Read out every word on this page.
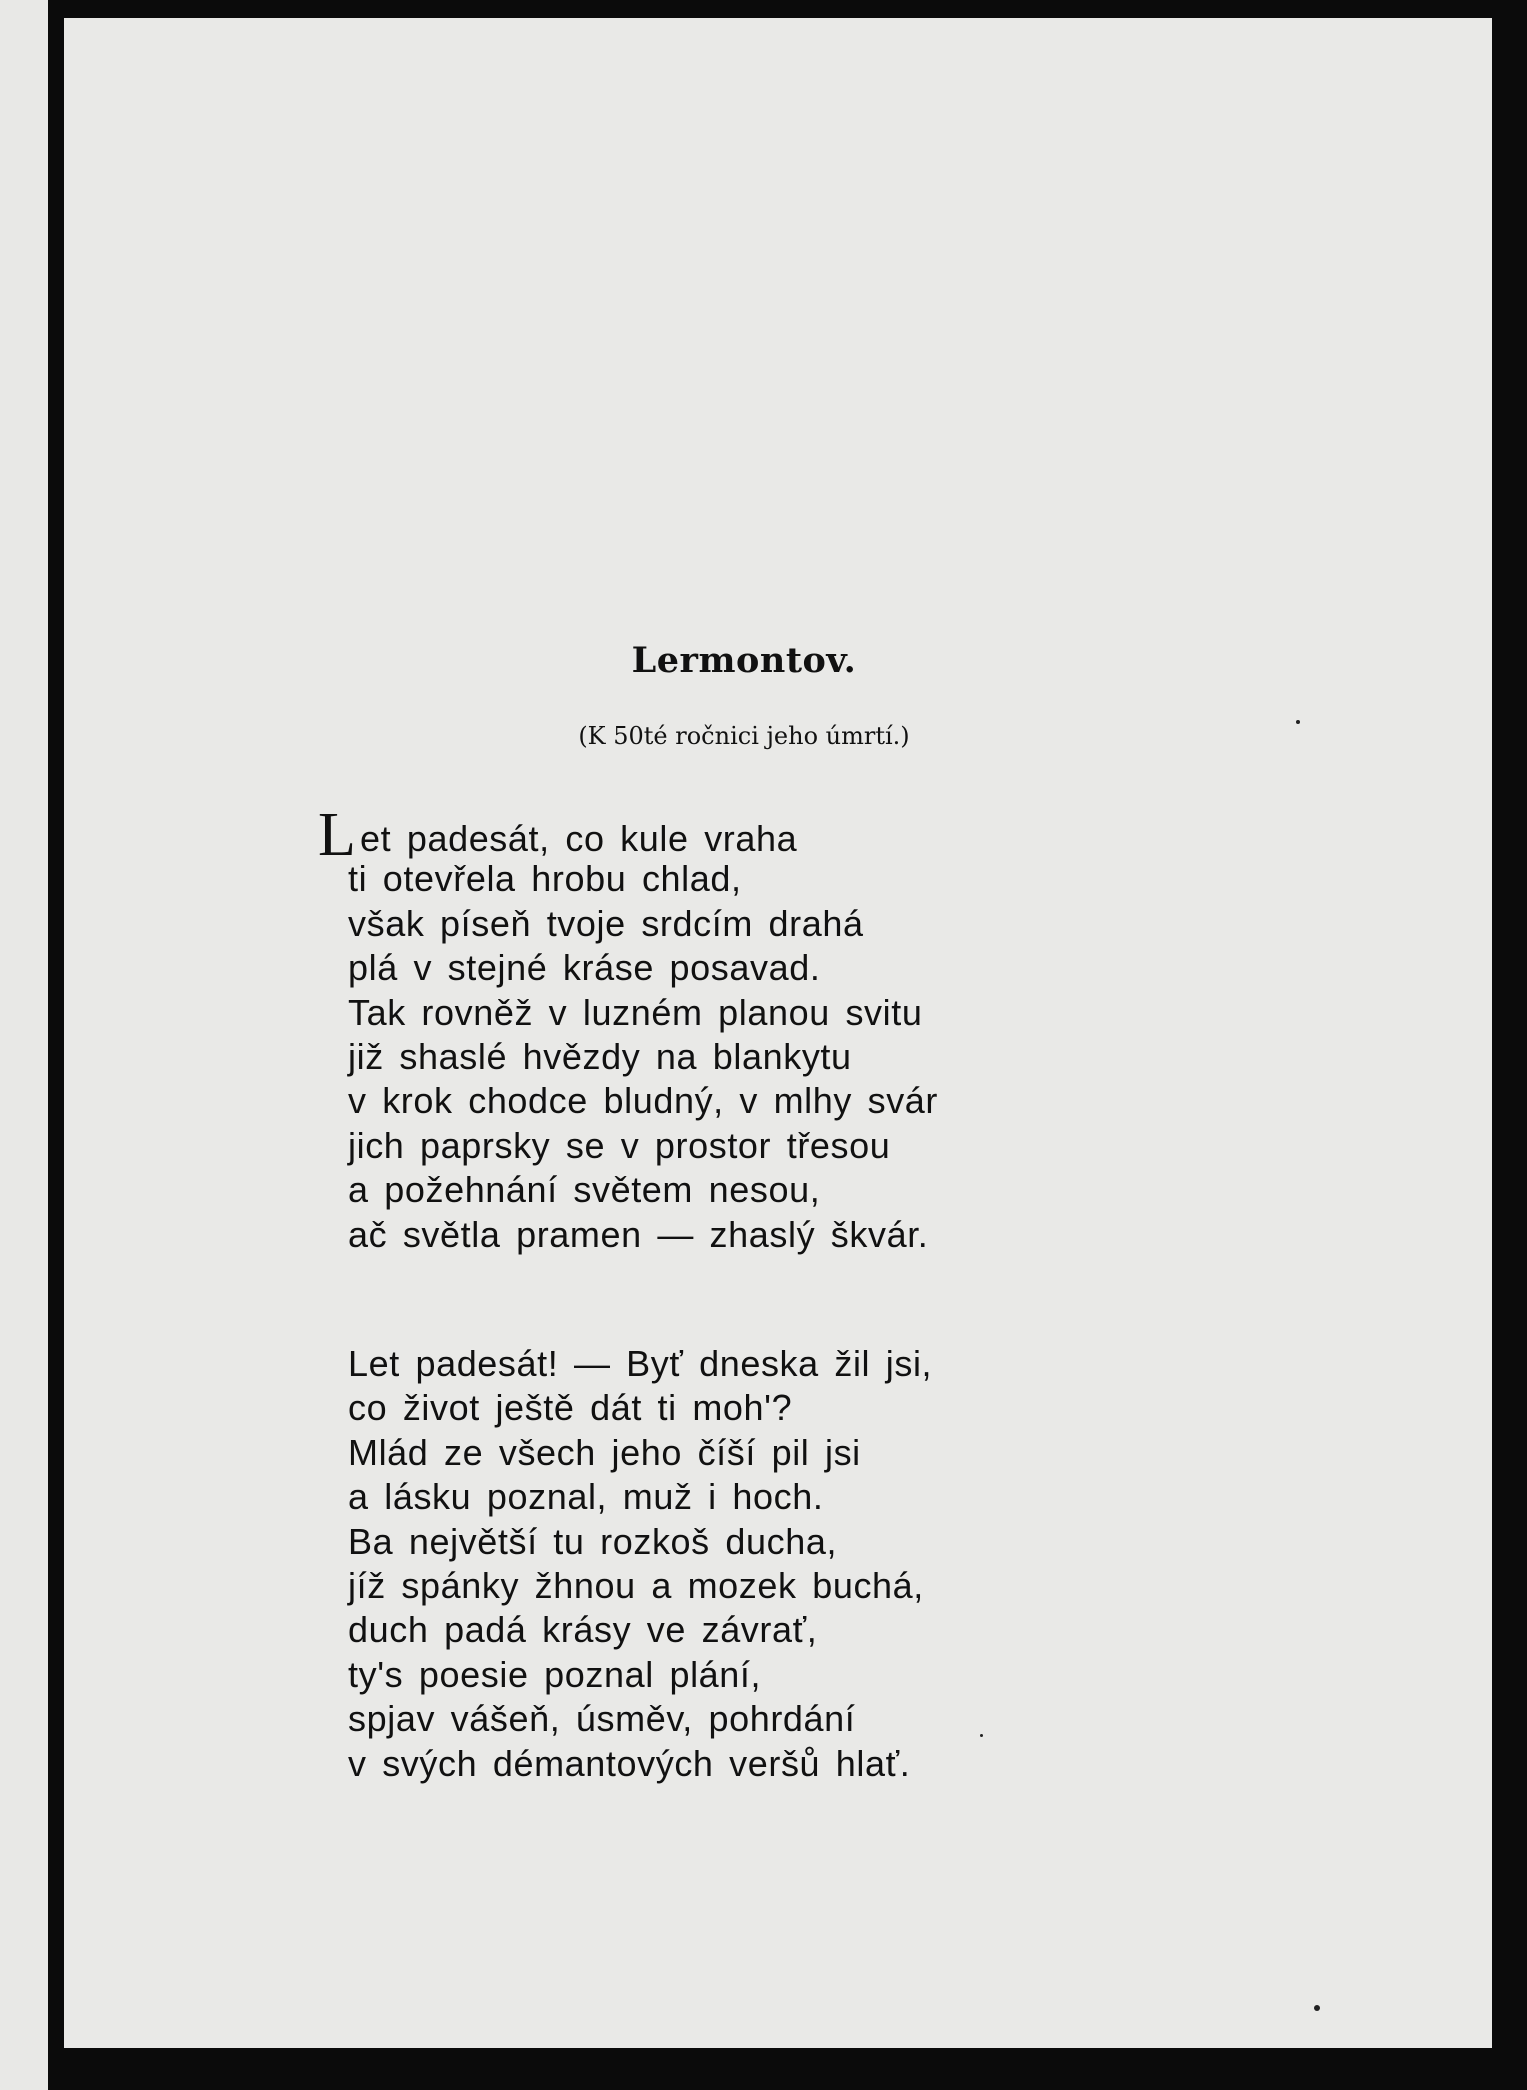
Lermontov.

(K 50té ročnici jeho úmrtí.)

Let padesát, co kule vraha
ti otevřela hrobu chlad,
však píseň tvoje srdcím drahá
plá v stejné kráse posavad.
Tak rovněž v luzném planou svitu
již shaslé hvězdy na blankytu
v krok chodce bludný, v mlhy svár
jich paprsky se v prostor třesou
a požehnání světem nesou,
ač světla pramen — zhaslý škvár.
Let padesát! — Byť dneska žil jsi,
co život ještě dát ti moh'?
Mlád ze všech jeho číší pil jsi
a lásku poznal, muž i hoch.
Ba největší tu rozkoš ducha,
jíž spánky žhnou a mozek buchá,
duch padá krásy ve závrať,
ty's poesie poznal plání,
spjav vášeň, úsměv, pohrdání
v svých démantových veršů hlať.
